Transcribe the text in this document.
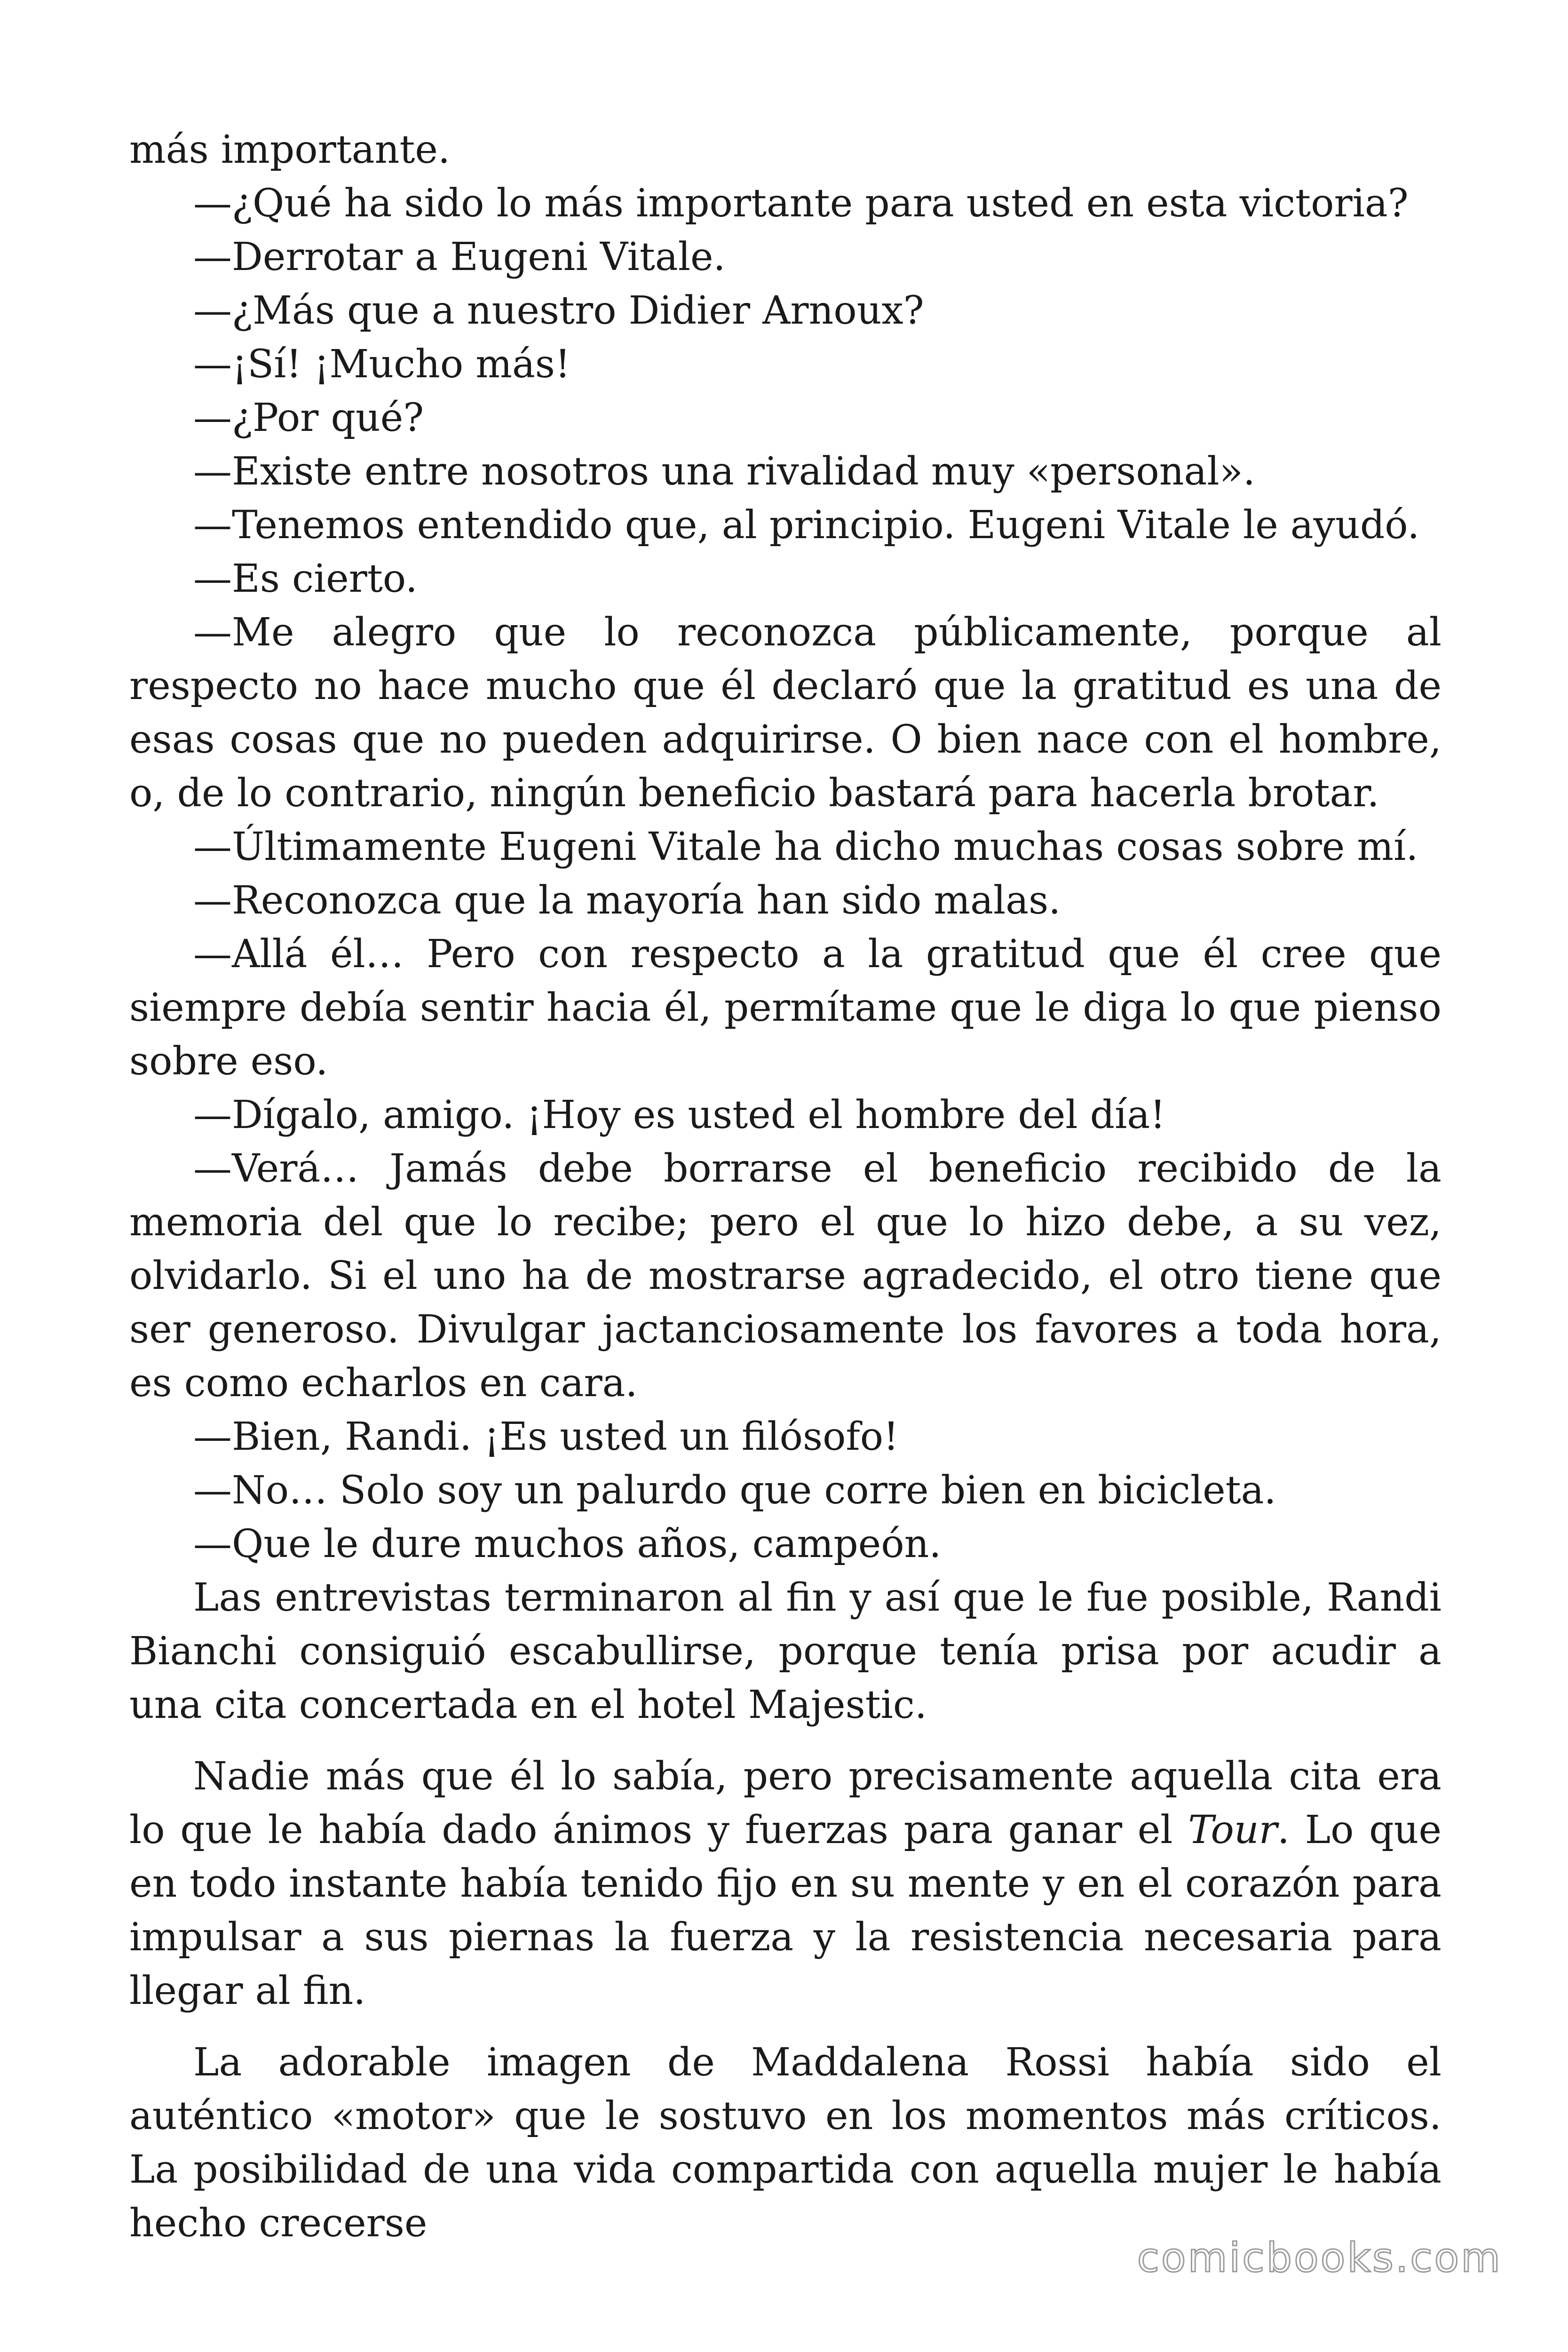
más importante.

—¿Qué ha sido lo más importante para usted en esta victoria?

—Derrotar a Eugeni Vitale.

—¿Más que a nuestro Didier Arnoux?

—¡Sí! ¡Mucho más!

—¿Por qué?

—Existe entre nosotros una rivalidad muy «personal».

—Tenemos entendido que, al principio. Eugeni Vitale le ayudó.

—Es cierto.

—Me alegro que lo reconozca públicamente, porque al respecto no hace mucho que él declaró que la gratitud es una de esas cosas que no pueden adquirirse. O bien nace con el hombre, o, de lo contrario, ningún beneficio bastará para hacerla brotar.

—Últimamente Eugeni Vitale ha dicho muchas cosas sobre mí.

—Reconozca que la mayoría han sido malas.

—Allá él… Pero con respecto a la gratitud que él cree que siempre debía sentir hacia él, permítame que le diga lo que pienso sobre eso.

—Dígalo, amigo. ¡Hoy es usted el hombre del día!

—Verá… Jamás debe borrarse el beneficio recibido de la memoria del que lo recibe; pero el que lo hizo debe, a su vez, olvidarlo. Si el uno ha de mostrarse agradecido, el otro tiene que ser generoso. Divulgar jactanciosamente los favores a toda hora, es como echarlos en cara.

—Bien, Randi. ¡Es usted un filósofo!

—No… Solo soy un palurdo que corre bien en bicicleta.

—Que le dure muchos años, campeón.

Las entrevistas terminaron al fin y así que le fue posible, Randi Bianchi consiguió escabullirse, porque tenía prisa por acudir a una cita concertada en el hotel Majestic.

Nadie más que él lo sabía, pero precisamente aquella cita era lo que le había dado ánimos y fuerzas para ganar el Tour. Lo que en todo instante había tenido fijo en su mente y en el corazón para impulsar a sus piernas la fuerza y la resistencia necesaria para llegar al fin.

La adorable imagen de Maddalena Rossi había sido el auténtico «motor» que le sostuvo en los momentos más críticos. La posibilidad de una vida compartida con aquella mujer le había hecho crecerse

comicbooks.com
